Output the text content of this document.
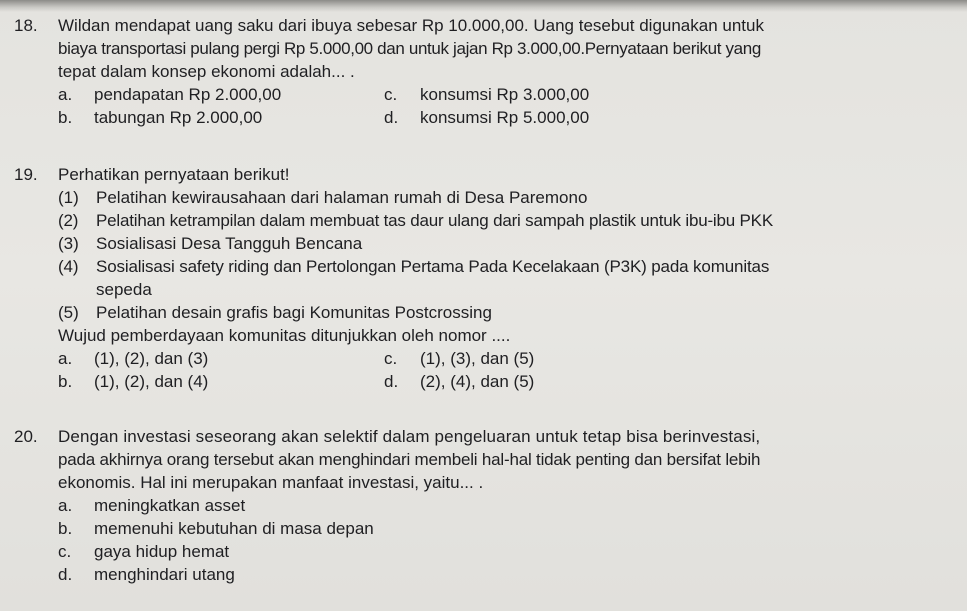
18.	Wildan mendapat uang saku dari ibuya sebesar Rp 10.000,00. Uang tesebut digunakan untuk
biaya transportasi pulang pergi Rp 5.000,00 dan untuk jajan Rp 3.000,00.Pernyataan berikut yang
tepat dalam konsep ekonomi adalah... .
a. pendapatan Rp 2.000,00	c. konsumsi Rp 3.000,00
b. tabungan Rp 2.000,00	d. konsumsi Rp 5.000,00
19.	Perhatikan pernyataan berikut!
(1) Pelatihan kewirausahaan dari halaman rumah di Desa Paremono
(2) Pelatihan ketrampilan dalam membuat tas daur ulang dari sampah plastik untuk ibu-ibu PKK
(3) Sosialisasi Desa Tangguh Bencana
(4) Sosialisasi safety riding dan Pertolongan Pertama Pada Kecelakaan (P3K) pada komunitas
sepeda
(5) Pelatihan desain grafis bagi Komunitas Postcrossing
Wujud pemberdayaan komunitas ditunjukkan oleh nomor ....
a. (1), (2), dan (3)	c. (1), (3), dan (5)
b. (1), (2), dan (4)	d. (2), (4), dan (5)
20.	Dengan investasi seseorang akan selektif dalam pengeluaran untuk tetap bisa berinvestasi,
pada akhirnya orang tersebut akan menghindari membeli hal-hal tidak penting dan bersifat lebih
ekonomis. Hal ini merupakan manfaat investasi, yaitu... .
a. meningkatkan asset
b. memenuhi kebutuhan di masa depan
c. gaya hidup hemat
d. menghindari utang
